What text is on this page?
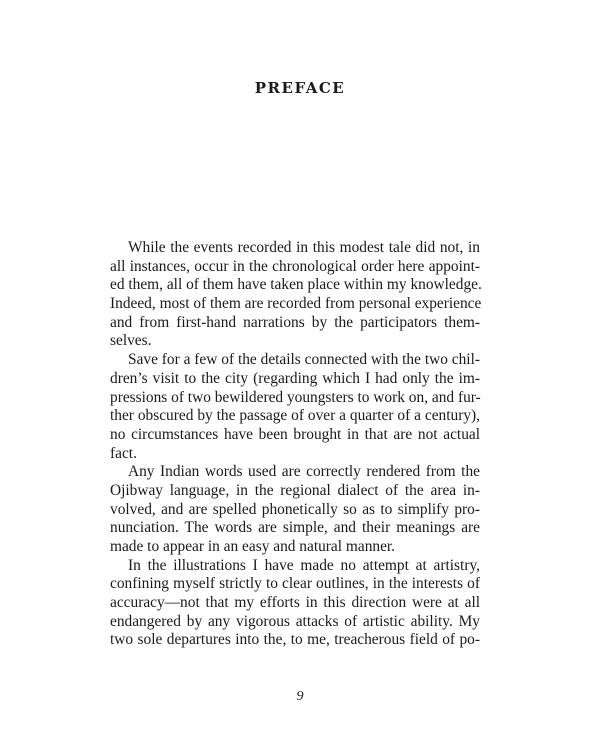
PREFACE
While the events recorded in this modest tale did not, in
all instances, occur in the chronological order here appoint-
ed them, all of them have taken place within my knowledge.
Indeed, most of them are recorded from personal experience
and from first-hand narrations by the participators them-
selves.
Save for a few of the details connected with the two chil-
dren’s visit to the city (regarding which I had only the im-
pressions of two bewildered youngsters to work on, and fur-
ther obscured by the passage of over a quarter of a century),
no circumstances have been brought in that are not actual
fact.
Any Indian words used are correctly rendered from the
Ojibway language, in the regional dialect of the area in-
volved, and are spelled phonetically so as to simplify pro-
nunciation. The words are simple, and their meanings are
made to appear in an easy and natural manner.
In the illustrations I have made no attempt at artistry,
confining myself strictly to clear outlines, in the interests of
accuracy—not that my efforts in this direction were at all
endangered by any vigorous attacks of artistic ability. My
two sole departures into the, to me, treacherous field of po-
9
